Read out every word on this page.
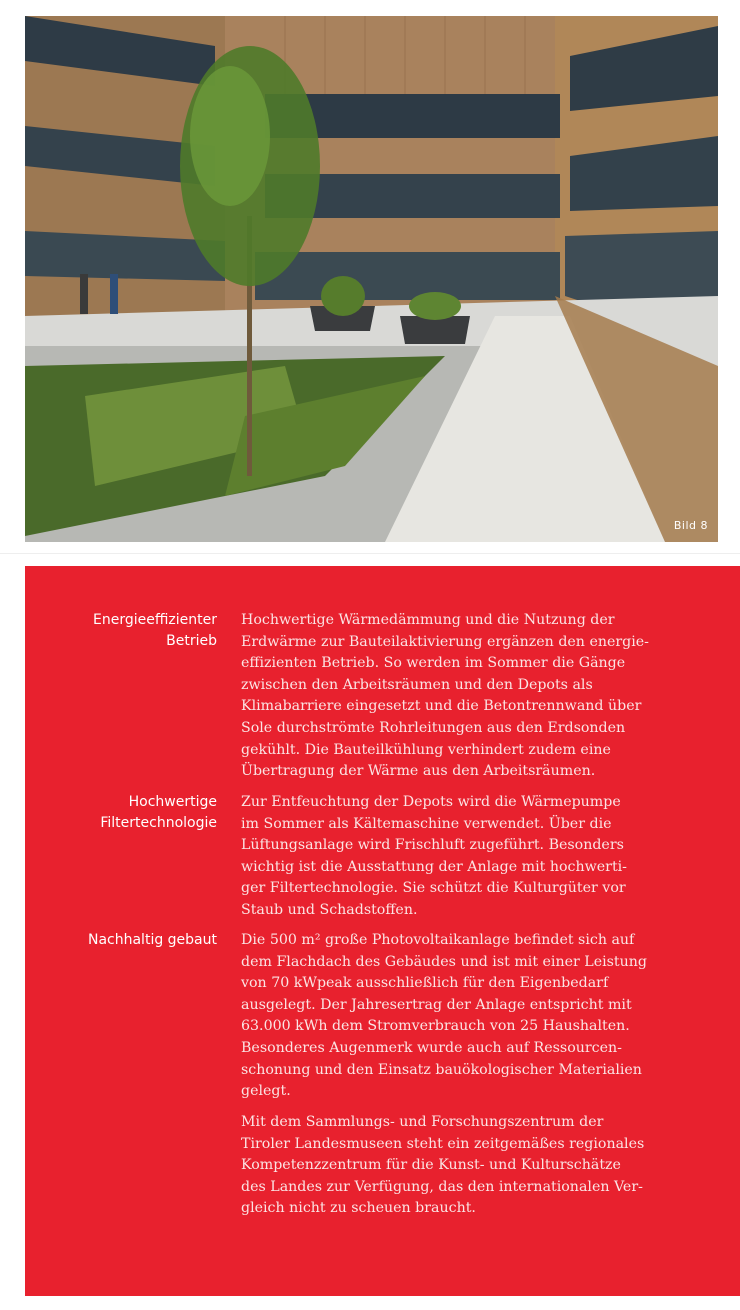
Bild 8
Energieeffizienter
Betrieb

Hochwertige Wärmedämmung und die Nutzung der
Erdwärme zur Bauteilaktivierung ergänzen den energie-
effizienten Betrieb. So werden im Sommer die Gänge
zwischen den Arbeitsräumen und den Depots als
Klimabarriere eingesetzt und die Betontrennwand über
Sole durchströmte Rohrleitungen aus den Erdsonden
gekühlt. Die Bauteilkühlung verhindert zudem eine
Übertragung der Wärme aus den Arbeitsräumen.

Hochwertige
Filtertechnologie

Zur Entfeuchtung der Depots wird die Wärmepumpe
im Sommer als Kältemaschine verwendet. Über die
Lüftungsanlage wird Frischluft zugeführt. Besonders
wichtig ist die Ausstattung der Anlage mit hochwerti-
ger Filtertechnologie. Sie schützt die Kulturgüter vor
Staub und Schadstoffen.

Nachhaltig gebaut Die 500 m² große Photovoltaikanlage befindet sich auf
dem Flachdach des Gebäudes und ist mit einer Leistung
von 70 kWpeak ausschließlich für den Eigenbedarf
ausgelegt. Der Jahresertrag der Anlage entspricht mit
63.000 kWh dem Stromverbrauch von 25 Haushalten.
Besonderes Augenmerk wurde auch auf Ressourcen-
schonung und den Einsatz bauökologischer Materialien
gelegt.

Mit dem Sammlungs- und Forschungszentrum der
Tiroler Landesmuseen steht ein zeitgemäßes regionales
Kompetenzzentrum für die Kunst- und Kulturschätze
des Landes zur Verfügung, das den internationalen Ver-
gleich nicht zu scheuen braucht.
